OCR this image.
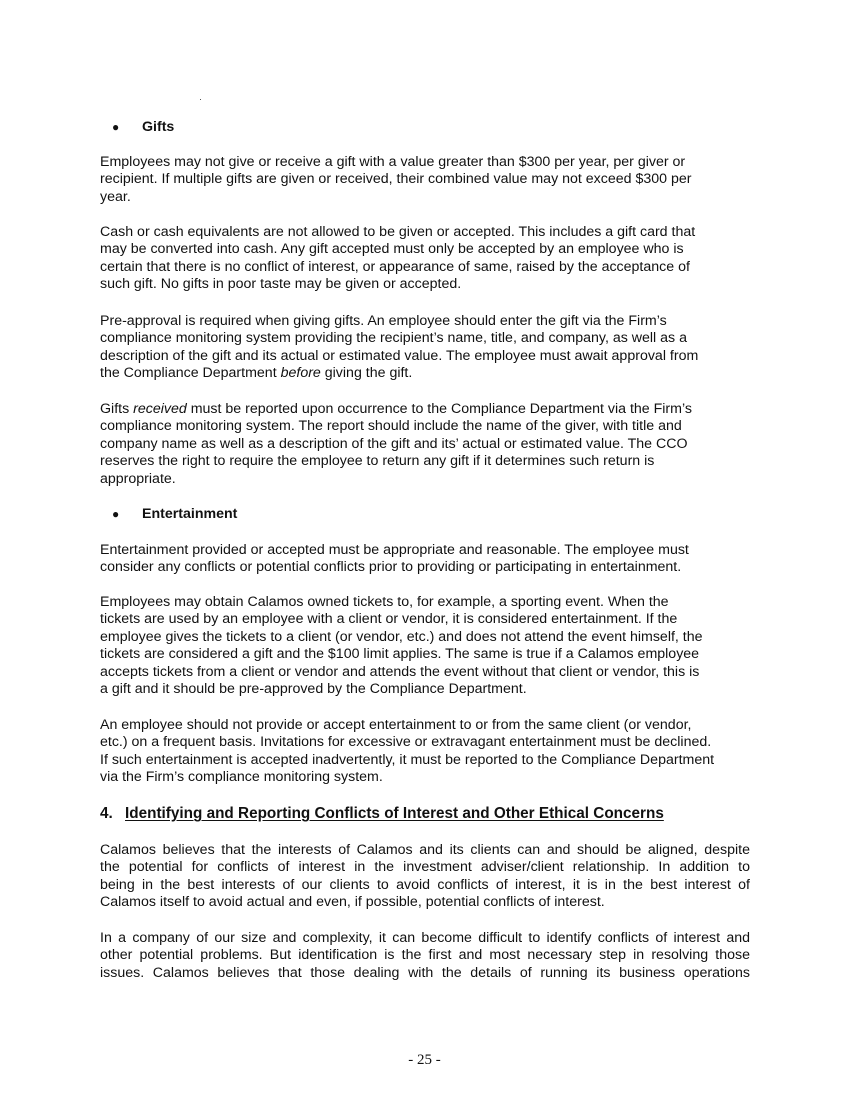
●	Gifts

Employees may not give or receive a gift with a value greater than $300 per year, per giver or
recipient. If multiple gifts are given or received, their combined value may not exceed $300 per
year.

Cash or cash equivalents are not allowed to be given or accepted. This includes a gift card that
may be converted into cash. Any gift accepted must only be accepted by an employee who is
certain that there is no conflict of interest, or appearance of same, raised by the acceptance of
such gift. No gifts in poor taste may be given or accepted.

Pre-approval is required when giving gifts. An employee should enter the gift via the Firm’s
compliance monitoring system providing the recipient’s name, title, and company, as well as a
description of the gift and its actual or estimated value. The employee must await approval from
the Compliance Department before giving the gift.

Gifts received must be reported upon occurrence to the Compliance Department via the Firm’s
compliance monitoring system. The report should include the name of the giver, with title and
company name as well as a description of the gift and its’ actual or estimated value. The CCO
reserves the right to require the employee to return any gift if it determines such return is
appropriate.

●	Entertainment

Entertainment provided or accepted must be appropriate and reasonable. The employee must
consider any conflicts or potential conflicts prior to providing or participating in entertainment.

Employees may obtain Calamos owned tickets to, for example, a sporting event. When the
tickets are used by an employee with a client or vendor, it is considered entertainment. If the
employee gives the tickets to a client (or vendor, etc.) and does not attend the event himself, the
tickets are considered a gift and the $100 limit applies. The same is true if a Calamos employee
accepts tickets from a client or vendor and attends the event without that client or vendor, this is
a gift and it should be pre-approved by the Compliance Department.

An employee should not provide or accept entertainment to or from the same client (or vendor,
etc.) on a frequent basis. Invitations for excessive or extravagant entertainment must be declined.
If such entertainment is accepted inadvertently, it must be reported to the Compliance Department
via the Firm’s compliance monitoring system.

4. Identifying and Reporting Conflicts of Interest and Other Ethical Concerns

Calamos believes that the interests of Calamos and its clients can and should be aligned, despite
the potential for conflicts of interest in the investment adviser/client relationship. In addition to
being in the best interests of our clients to avoid conflicts of interest, it is in the best interest of
Calamos itself to avoid actual and even, if possible, potential conflicts of interest.

In a company of our size and complexity, it can become difficult to identify conflicts of interest and
other potential problems. But identification is the first and most necessary step in resolving those
issues. Calamos believes that those dealing with the details of running its business operations

- 25 -
